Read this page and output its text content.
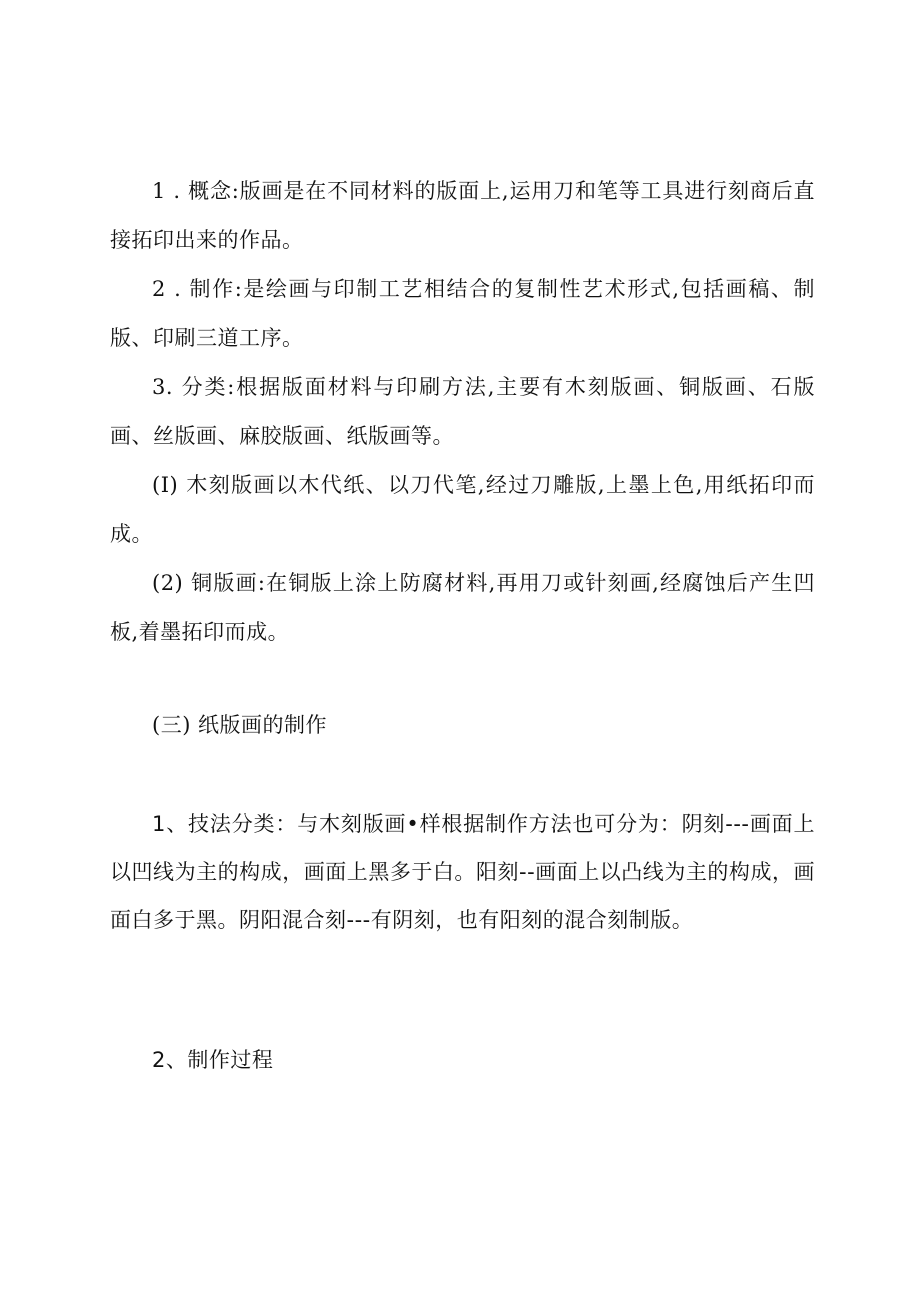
1 . 概念:版画是在不同材料的版面上,运用刀和笔等工具进行刻商后直接拓印出来的作品。

2 . 制作:是绘画与印制工艺相结合的复制性艺术形式,包括画稿、制版、印刷三道工序。

3. 分类:根据版面材料与印刷方法,主要有木刻版画、铜版画、石版画、丝版画、麻胶版画、纸版画等。

(I) 木刻版画以木代纸、以刀代笔,经过刀雕版,上墨上色,用纸拓印而成。

(2) 铜版画:在铜版上涂上防腐材料,再用刀或针刻画,经腐蚀后产生凹板,着墨拓印而成。

(三) 纸版画的制作

1、技法分类：与木刻版画•样根据制作方法也可分为：阴刻---画面上以凹线为主的构成，画面上黑多于白。阳刻--画面上以凸线为主的构成，画面白多于黑。阴阳混合刻---有阴刻，也有阳刻的混合刻制版。

2、制作过程
